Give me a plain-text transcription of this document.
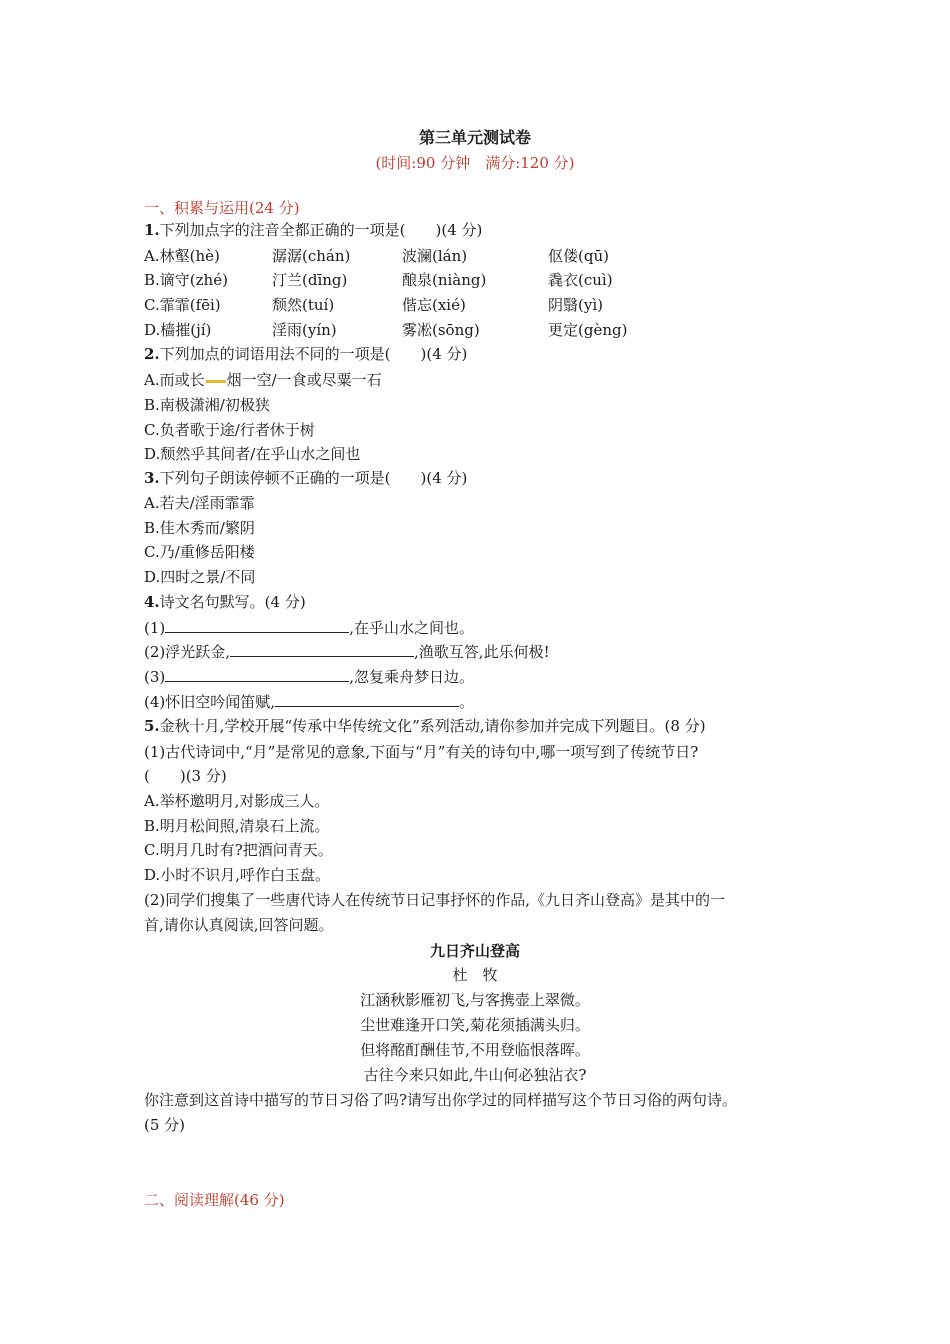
第三单元测试卷
(时间:90 分钟　满分:120 分)
一、积累与运用(24 分)
1.下列加点字的注音全都正确的一项是(　　)(4 分)
A.林壑(hè)	潺潺(chán)	波澜(lán)	伛偻(qū)
B.谪守(zhé)	汀兰(dīng)	酿泉(niàng)	毳衣(cuì)
C.霏霏(fēi)	颓然(tuí)	偕忘(xié)	阴翳(yì)
D.樯摧(jí)	淫雨(yín)	雾凇(sōng)	更定(gèng)
2.下列加点的词语用法不同的一项是(　　)(4 分)
A.而或长 烟一空/一食或尽粟一石
B.南极潇湘/初极狭
C.负者歌于途/行者休于树
D.颓然乎其间者/在乎山水之间也
3.下列句子朗读停顿不正确的一项是(　　)(4 分)
A.若夫/淫雨霏霏
B.佳木秀而/繁阴
C.乃/重修岳阳楼
D.四时之景/不同
4.诗文名句默写。(4 分)
(1)	,在乎山水之间也。
(2)浮光跃金,	,渔歌互答,此乐何极!
(3)	,忽复乘舟梦日边。
(4)怀旧空吟闻笛赋,	。
5.金秋十月,学校开展“传承中华传统文化”系列活动,请你参加并完成下列题目。(8 分)
(1)古代诗词中,“月”是常见的意象,下面与“月”有关的诗句中,哪一项写到了传统节日?
(　　)(3 分)
A.举杯邀明月,对影成三人。
B.明月松间照,清泉石上流。
C.明月几时有?把酒问青天。
D.小时不识月,呼作白玉盘。
(2)同学们搜集了一些唐代诗人在传统节日记事抒怀的作品,《九日齐山登高》是其中的一
首,请你认真阅读,回答问题。
九日齐山登高
杜　牧
江涵秋影雁初飞,与客携壶上翠微。
尘世难逢开口笑,菊花须插满头归。
但将酩酊酬佳节,不用登临恨落晖。
古往今来只如此,牛山何必独沾衣?
你注意到这首诗中描写的节日习俗了吗?请写出你学过的同样描写这个节日习俗的两句诗。
(5 分)
二、阅读理解(46 分)
